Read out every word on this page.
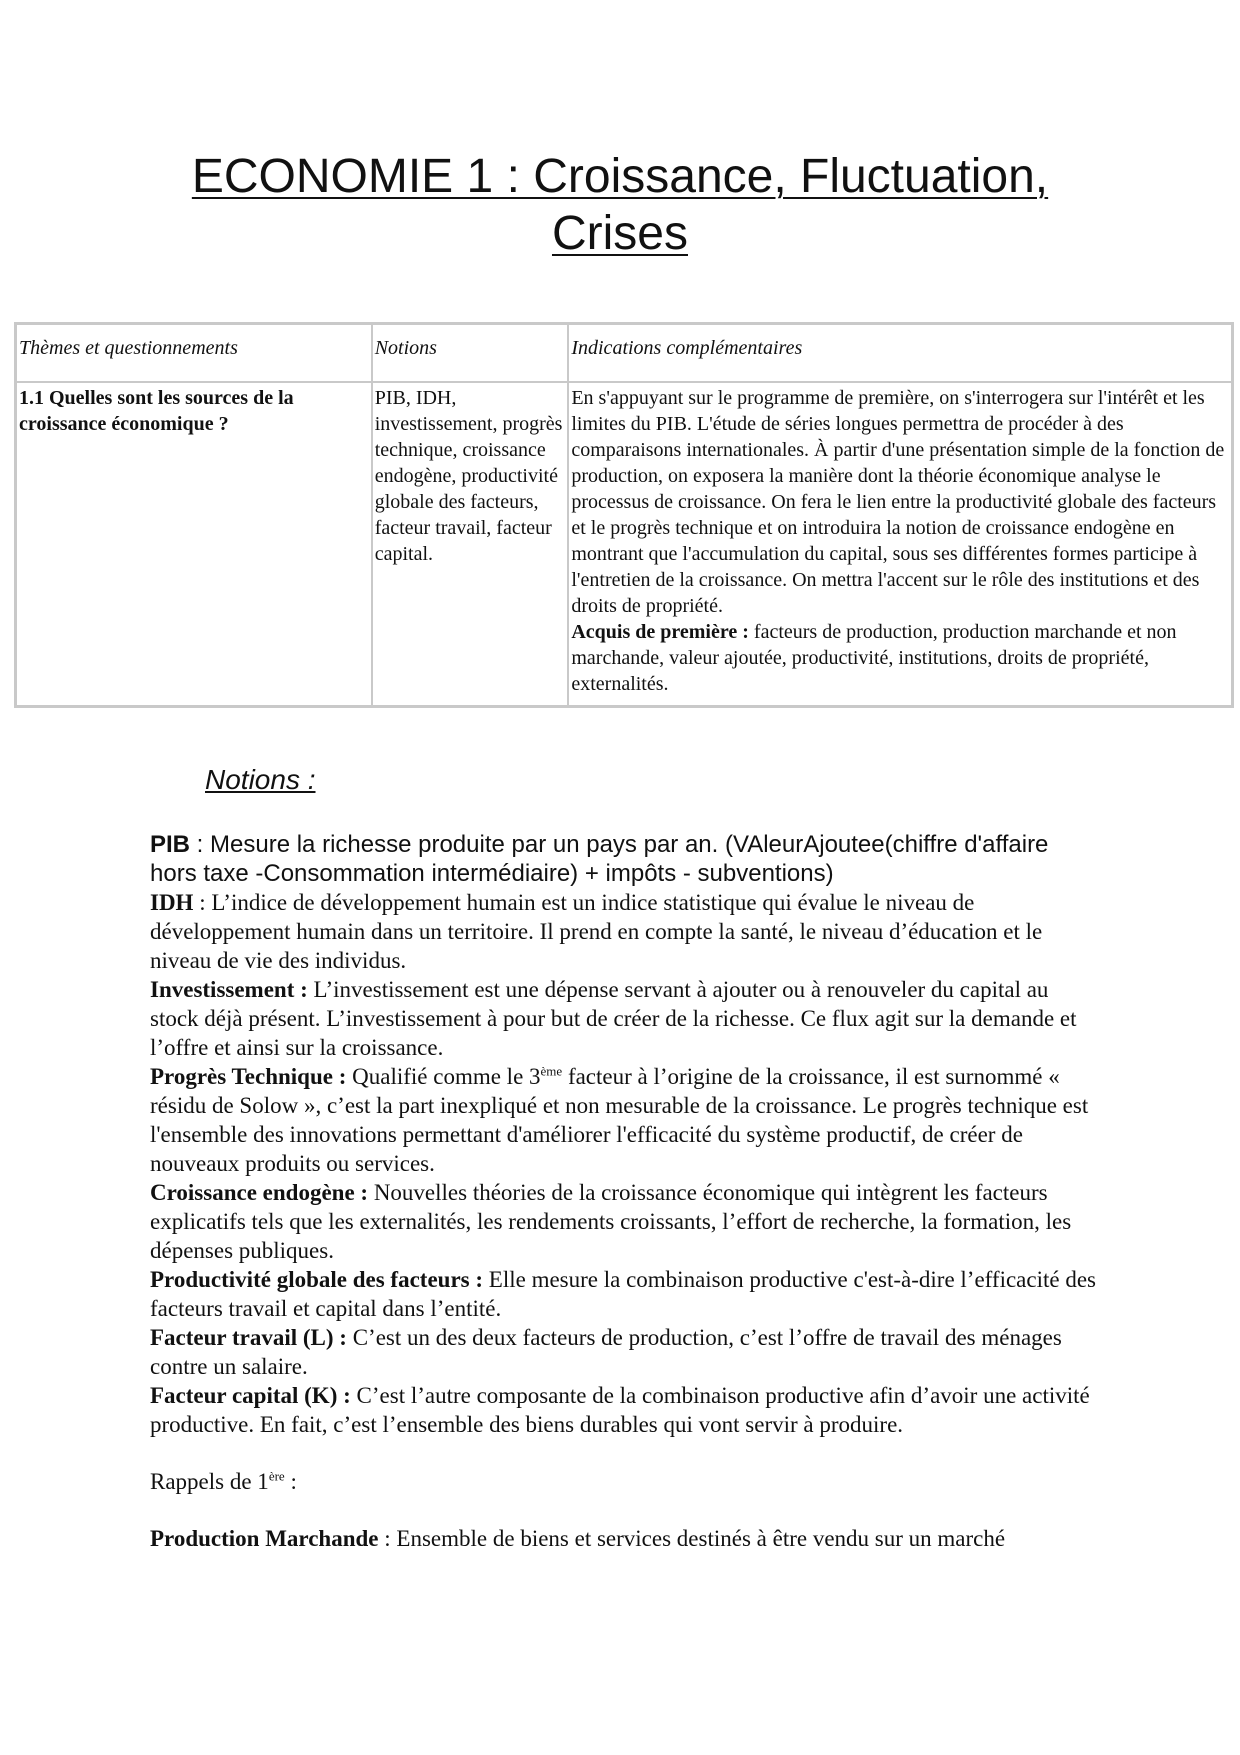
ECONOMIE 1 : Croissance, Fluctuation,
Crises
Thèmes et questionnements	Notions	Indications complémentaires
1.1 Quelles sont les sources de la croissance économique ?	PIB, IDH, investissement, progrès technique, croissance endogène, productivité globale des facteurs, facteur travail, facteur capital.	En s'appuyant sur le programme de première, on s'interrogera sur l'intérêt et les limites du PIB. L'étude de séries longues permettra de procéder à des comparaisons internationales. À partir d'une présentation simple de la fonction de production, on exposera la manière dont la théorie économique analyse le processus de croissance. On fera le lien entre la productivité globale des facteurs et le progrès technique et on introduira la notion de croissance endogène en montrant que l'accumulation du capital, sous ses différentes formes participe à l'entretien de la croissance. On mettra l'accent sur le rôle des institutions et des droits de propriété.
Acquis de première : facteurs de production, production marchande et non marchande, valeur ajoutée, productivité, institutions, droits de propriété, externalités.

Notions :

PIB : Mesure la richesse produite par un pays par an. (VAleurAjoutee(chiffre d'affaire hors taxe -Consommation intermédiaire) + impôts - subventions)

IDH : L’indice de développement humain est un indice statistique qui évalue le niveau de développement humain dans un territoire. Il prend en compte la santé, le niveau d’éducation et le niveau de vie des individus.

Investissement : L’investissement est une dépense servant à ajouter ou à renouveler du capital au stock déjà présent. L’investissement à pour but de créer de la richesse. Ce flux agit sur la demande et l’offre et ainsi sur la croissance.

Progrès Technique : Qualifié comme le 3ème facteur à l’origine de la croissance, il est surnommé « résidu de Solow », c’est la part inexpliqué et non mesurable de la croissance. Le progrès technique est l'ensemble des innovations permettant d'améliorer l'efficacité du système productif, de créer de nouveaux produits ou services.

Croissance endogène : Nouvelles théories de la croissance économique qui intègrent les facteurs explicatifs tels que les externalités, les rendements croissants, l’effort de recherche, la formation, les dépenses publiques.

Productivité globale des facteurs : Elle mesure la combinaison productive c'est-à-dire l’efficacité des facteurs travail et capital dans l’entité.

Facteur travail (L) : C’est un des deux facteurs de production, c’est l’offre de travail des ménages contre un salaire.

Facteur capital (K) : C’est l’autre composante de la combinaison productive afin d’avoir une activité productive. En fait, c’est l’ensemble des biens durables qui vont servir à produire.

Rappels de 1ère :

Production Marchande : Ensemble de biens et services destinés à être vendu sur un marché
